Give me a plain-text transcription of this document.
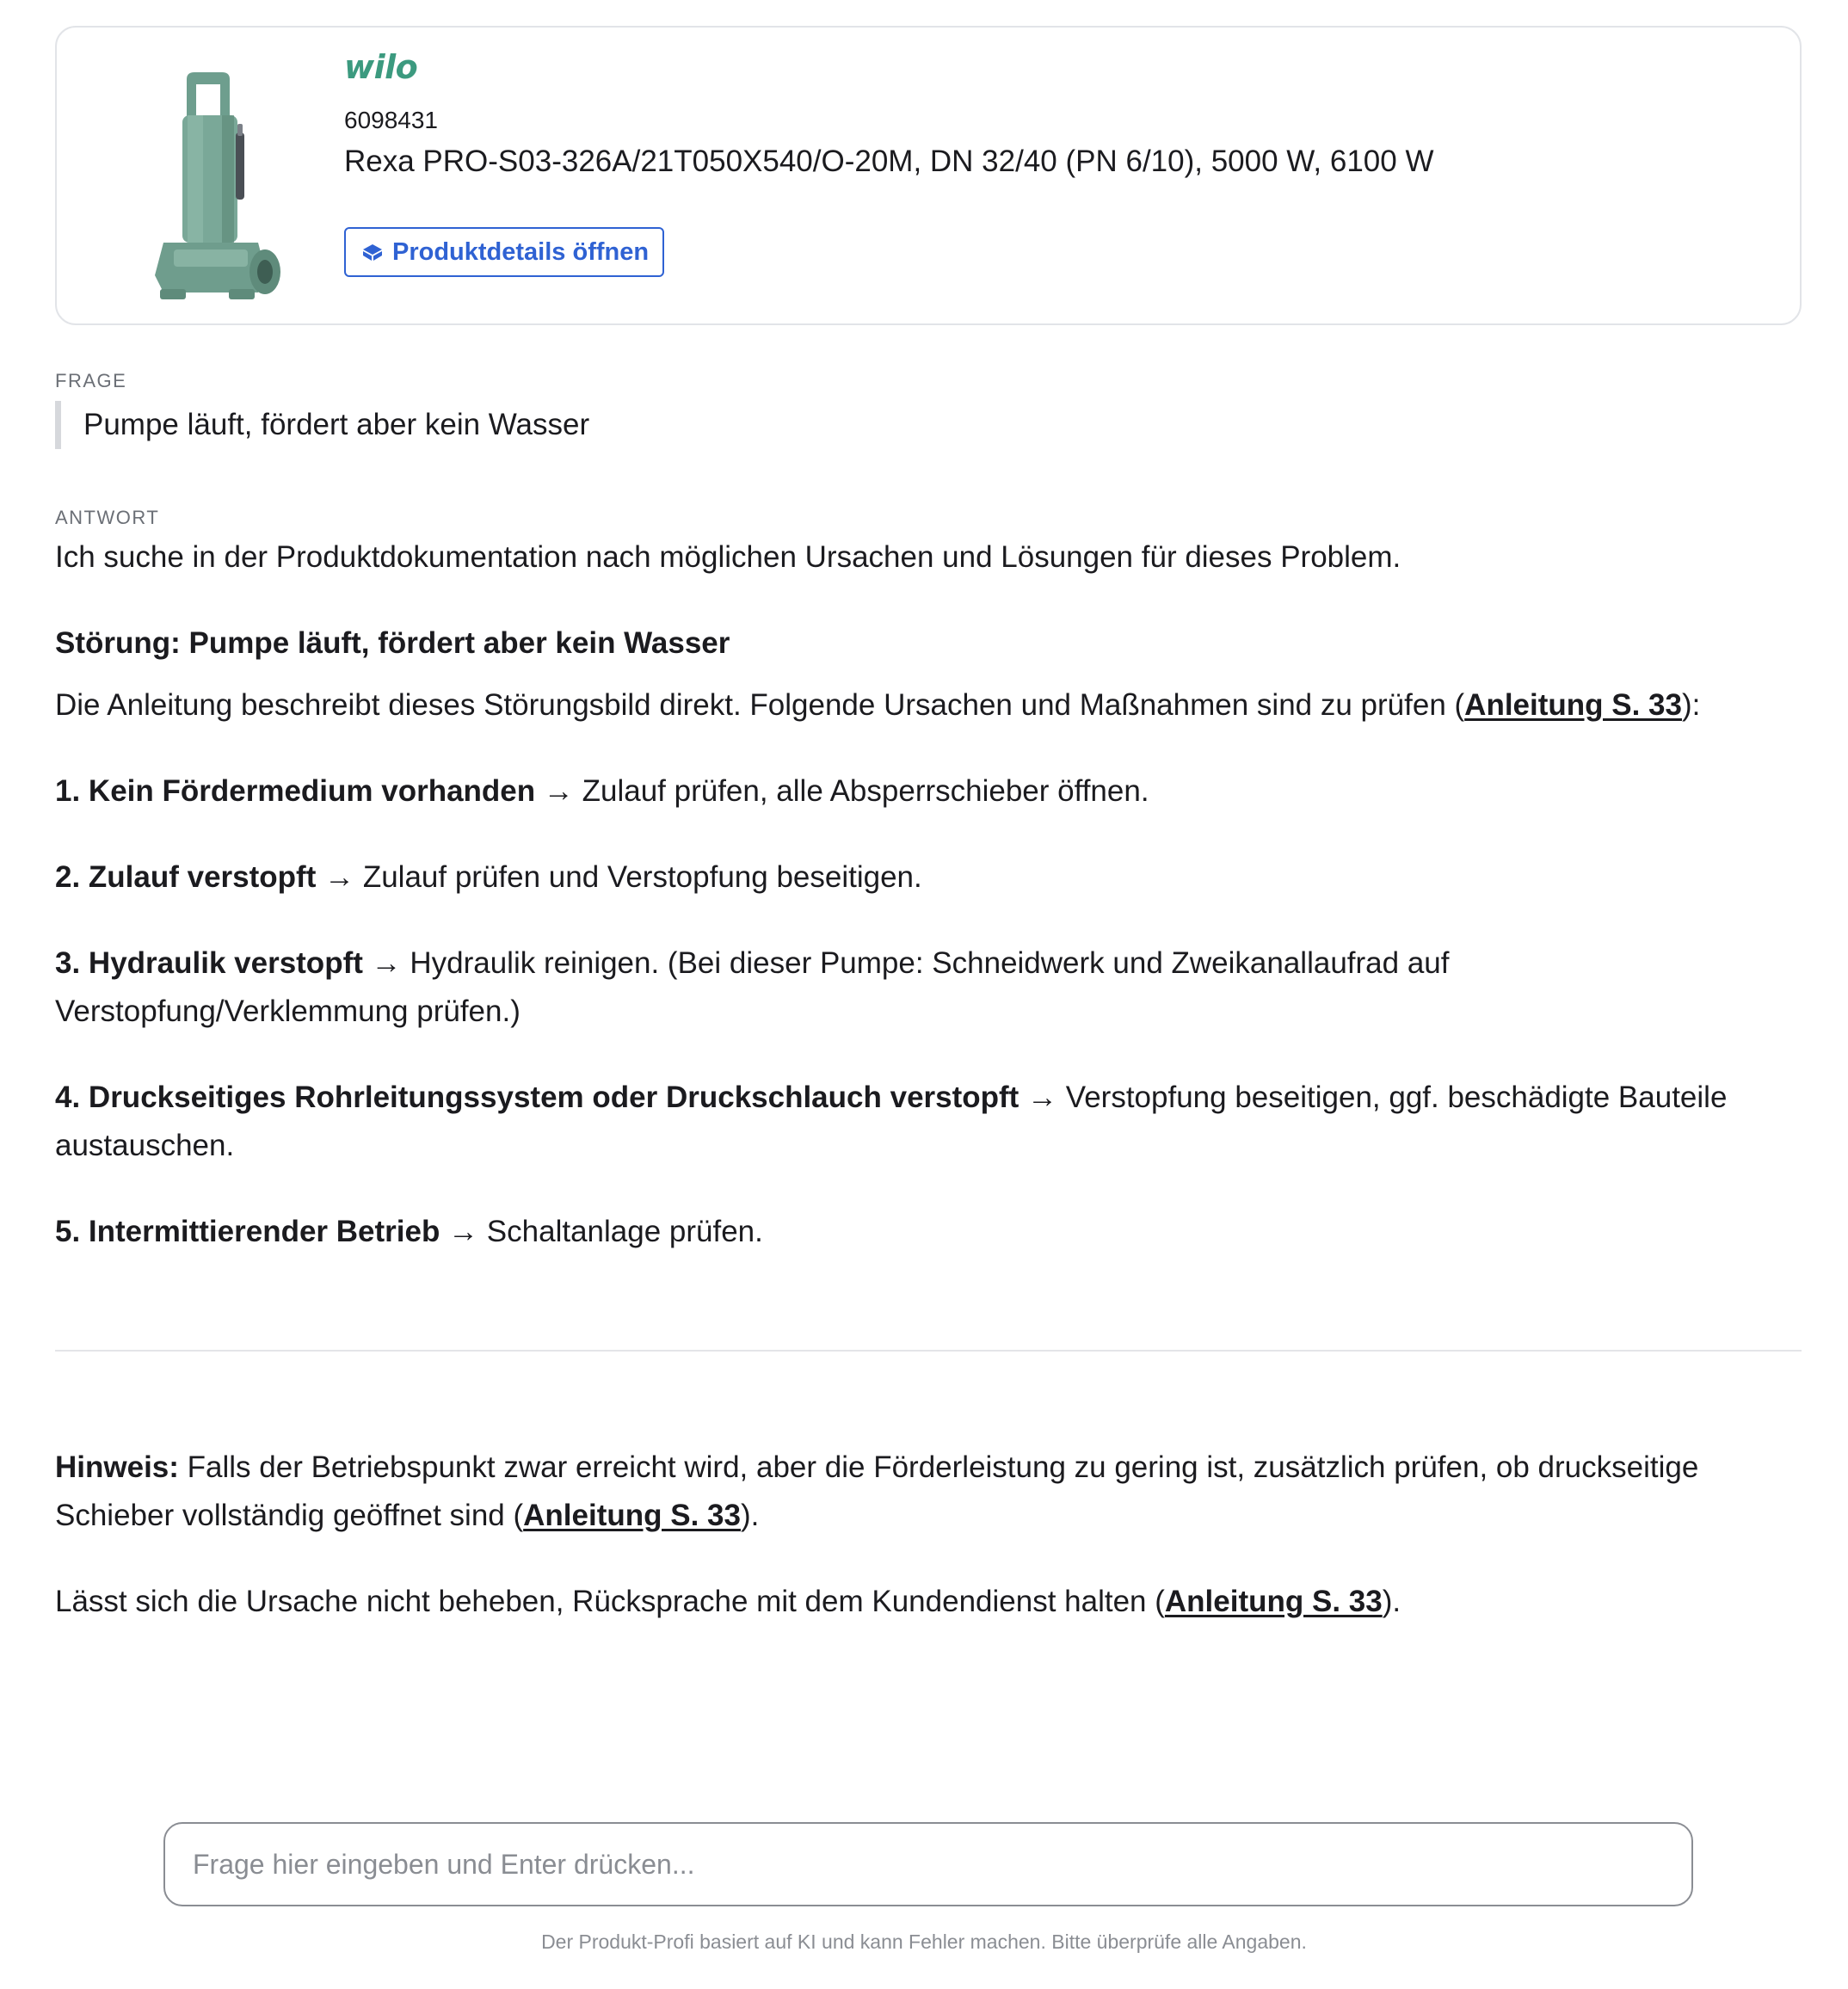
wilo
6098431
Rexa PRO-S03-326A/21T050X540/O-20M, DN 32/40 (PN 6/10), 5000 W, 6100 W
Produktdetails öffnen
FRAGE
Pumpe läuft, fördert aber kein Wasser
ANTWORT

Ich suche in der Produktdokumentation nach möglichen Ursachen und Lösungen für dieses Problem.

Störung: Pumpe läuft, fördert aber kein Wasser

Die Anleitung beschreibt dieses Störungsbild direkt. Folgende Ursachen und Maßnahmen sind zu prüfen (Anleitung S. 33):

1. Kein Fördermedium vorhanden → Zulauf prüfen, alle Absperrschieber öffnen.

2. Zulauf verstopft → Zulauf prüfen und Verstopfung beseitigen.

3. Hydraulik verstopft → Hydraulik reinigen. (Bei dieser Pumpe: Schneidwerk und Zweikanallaufrad auf Verstopfung/Verklemmung prüfen.)

4. Druckseitiges Rohrleitungssystem oder Druckschlauch verstopft → Verstopfung beseitigen, ggf. beschädigte Bauteile austauschen.

5. Intermittierender Betrieb → Schaltanlage prüfen.

Hinweis: Falls der Betriebspunkt zwar erreicht wird, aber die Förderleistung zu gering ist, zusätzlich prüfen, ob druckseitige Schieber vollständig geöffnet sind (Anleitung S. 33).

Lässt sich die Ursache nicht beheben, Rücksprache mit dem Kundendienst halten (Anleitung S. 33).

Frage hier eingeben und Enter drücken...
Der Produkt-Profi basiert auf KI und kann Fehler machen. Bitte überprüfe alle Angaben.
